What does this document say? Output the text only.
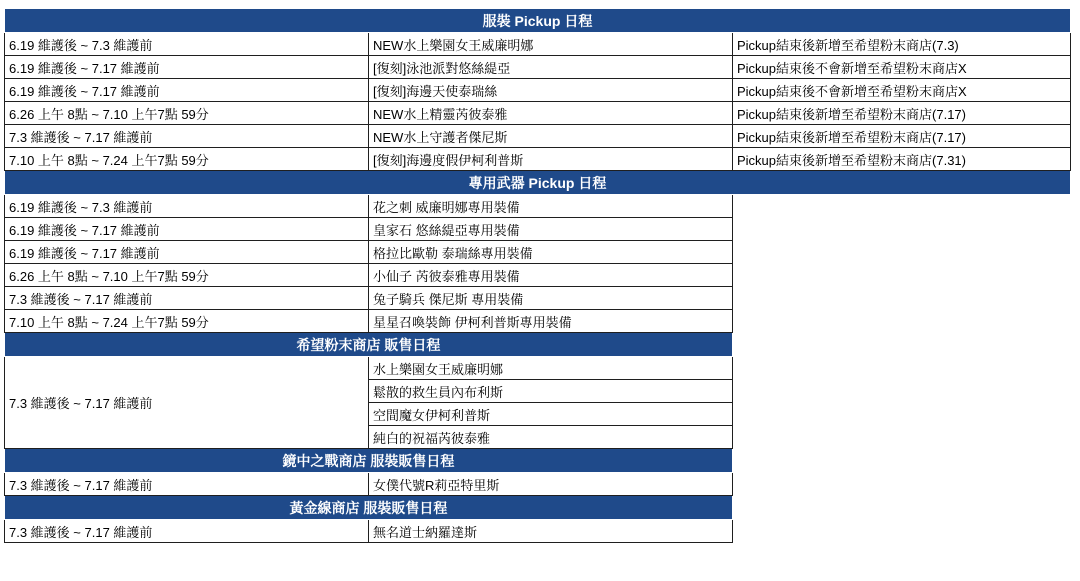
服裝 Pickup 日程		
6.19 維護後 ~ 7.3 維護前	NEW水上樂園女王威廉明娜	Pickup結束後新增至希望粉末商店(7.3)
6.19 維護後 ~ 7.17 維護前	[復刻]泳池派對悠絲緹亞	Pickup結束後不會新增至希望粉末商店X
6.19 維護後 ~ 7.17 維護前	[復刻]海邊天使泰瑞絲	Pickup結束後不會新增至希望粉末商店X
6.26 上午 8點 ~ 7.10 上午7點 59分	NEW水上精靈芮彼泰雅	Pickup結束後新增至希望粉末商店(7.17)
7.3 維護後 ~ 7.17 維護前	NEW水上守護者傑尼斯	Pickup結束後新增至希望粉末商店(7.17)
7.10 上午 8點 ~ 7.24 上午7點 59分	[復刻]海邊度假伊柯利普斯	Pickup結束後新增至希望粉末商店(7.31)
專用武器 Pickup 日程		
6.19 維護後 ~ 7.3 維護前	花之刺 威廉明娜專用裝備	
6.19 維護後 ~ 7.17 維護前	皇家石 悠絲緹亞專用裝備	
6.19 維護後 ~ 7.17 維護前	格拉比歐勒 泰瑞絲專用裝備	
6.26 上午 8點 ~ 7.10 上午7點 59分	小仙子 芮彼泰雅專用裝備	
7.3 維護後 ~ 7.17 維護前	兔子騎兵 傑尼斯 專用裝備	
7.10 上午 8點 ~ 7.24 上午7點 59分	星星召喚裝飾 伊柯利普斯專用裝備	
希望粉末商店 販售日程		
7.3 維護後 ~ 7.17 維護前	水上樂園女王威廉明娜	
	鬆散的救生員內布利斯	
	空間魔女伊柯利普斯	
	純白的祝福芮彼泰雅	
鏡中之戰商店 服裝販售日程		
7.3 維護後 ~ 7.17 維護前	女僕代號R莉亞特里斯	
黃金線商店 服裝販售日程		
7.3 維護後 ~ 7.17 維護前	無名道士納羅達斯	
